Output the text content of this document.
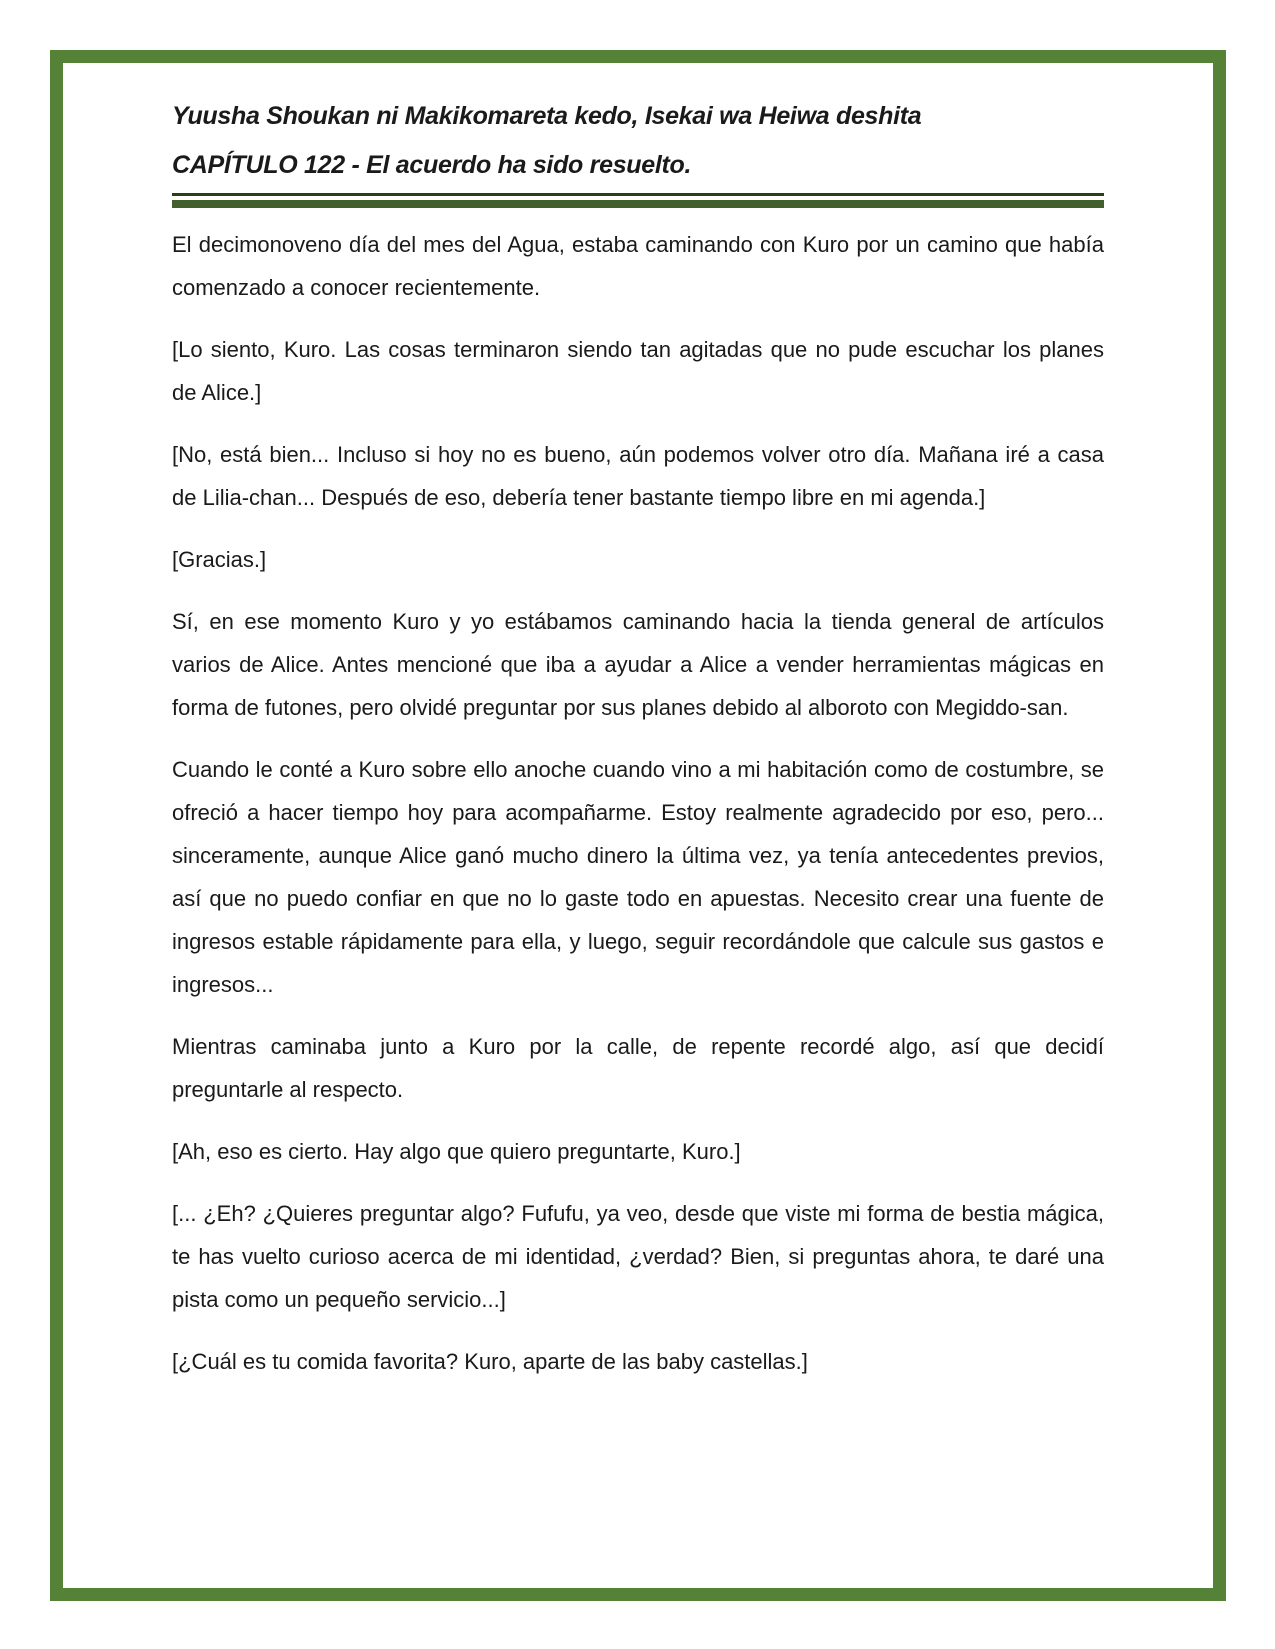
Yuusha Shoukan ni Makikomareta kedo, Isekai wa Heiwa deshita
CAPÍTULO 122 - El acuerdo ha sido resuelto.

El decimonoveno día del mes del Agua, estaba caminando con Kuro por un camino que había comenzado a conocer recientemente.

[Lo siento, Kuro. Las cosas terminaron siendo tan agitadas que no pude escuchar los planes de Alice.]

[No, está bien... Incluso si hoy no es bueno, aún podemos volver otro día. Mañana iré a casa de Lilia-chan... Después de eso, debería tener bastante tiempo libre en mi agenda.]

[Gracias.]

Sí, en ese momento Kuro y yo estábamos caminando hacia la tienda general de artículos varios de Alice. Antes mencioné que iba a ayudar a Alice a vender herramientas mágicas en forma de futones, pero olvidé preguntar por sus planes debido al alboroto con Megiddo-san.

Cuando le conté a Kuro sobre ello anoche cuando vino a mi habitación como de costumbre, se ofreció a hacer tiempo hoy para acompañarme. Estoy realmente agradecido por eso, pero... sinceramente, aunque Alice ganó mucho dinero la última vez, ya tenía antecedentes previos, así que no puedo confiar en que no lo gaste todo en apuestas. Necesito crear una fuente de ingresos estable rápidamente para ella, y luego, seguir recordándole que calcule sus gastos e ingresos...

Mientras caminaba junto a Kuro por la calle, de repente recordé algo, así que decidí preguntarle al respecto.

[Ah, eso es cierto. Hay algo que quiero preguntarte, Kuro.]

[... ¿Eh? ¿Quieres preguntar algo? Fufufu, ya veo, desde que viste mi forma de bestia mágica, te has vuelto curioso acerca de mi identidad, ¿verdad? Bien, si preguntas ahora, te daré una pista como un pequeño servicio...]

[¿Cuál es tu comida favorita? Kuro, aparte de las baby castellas.]
